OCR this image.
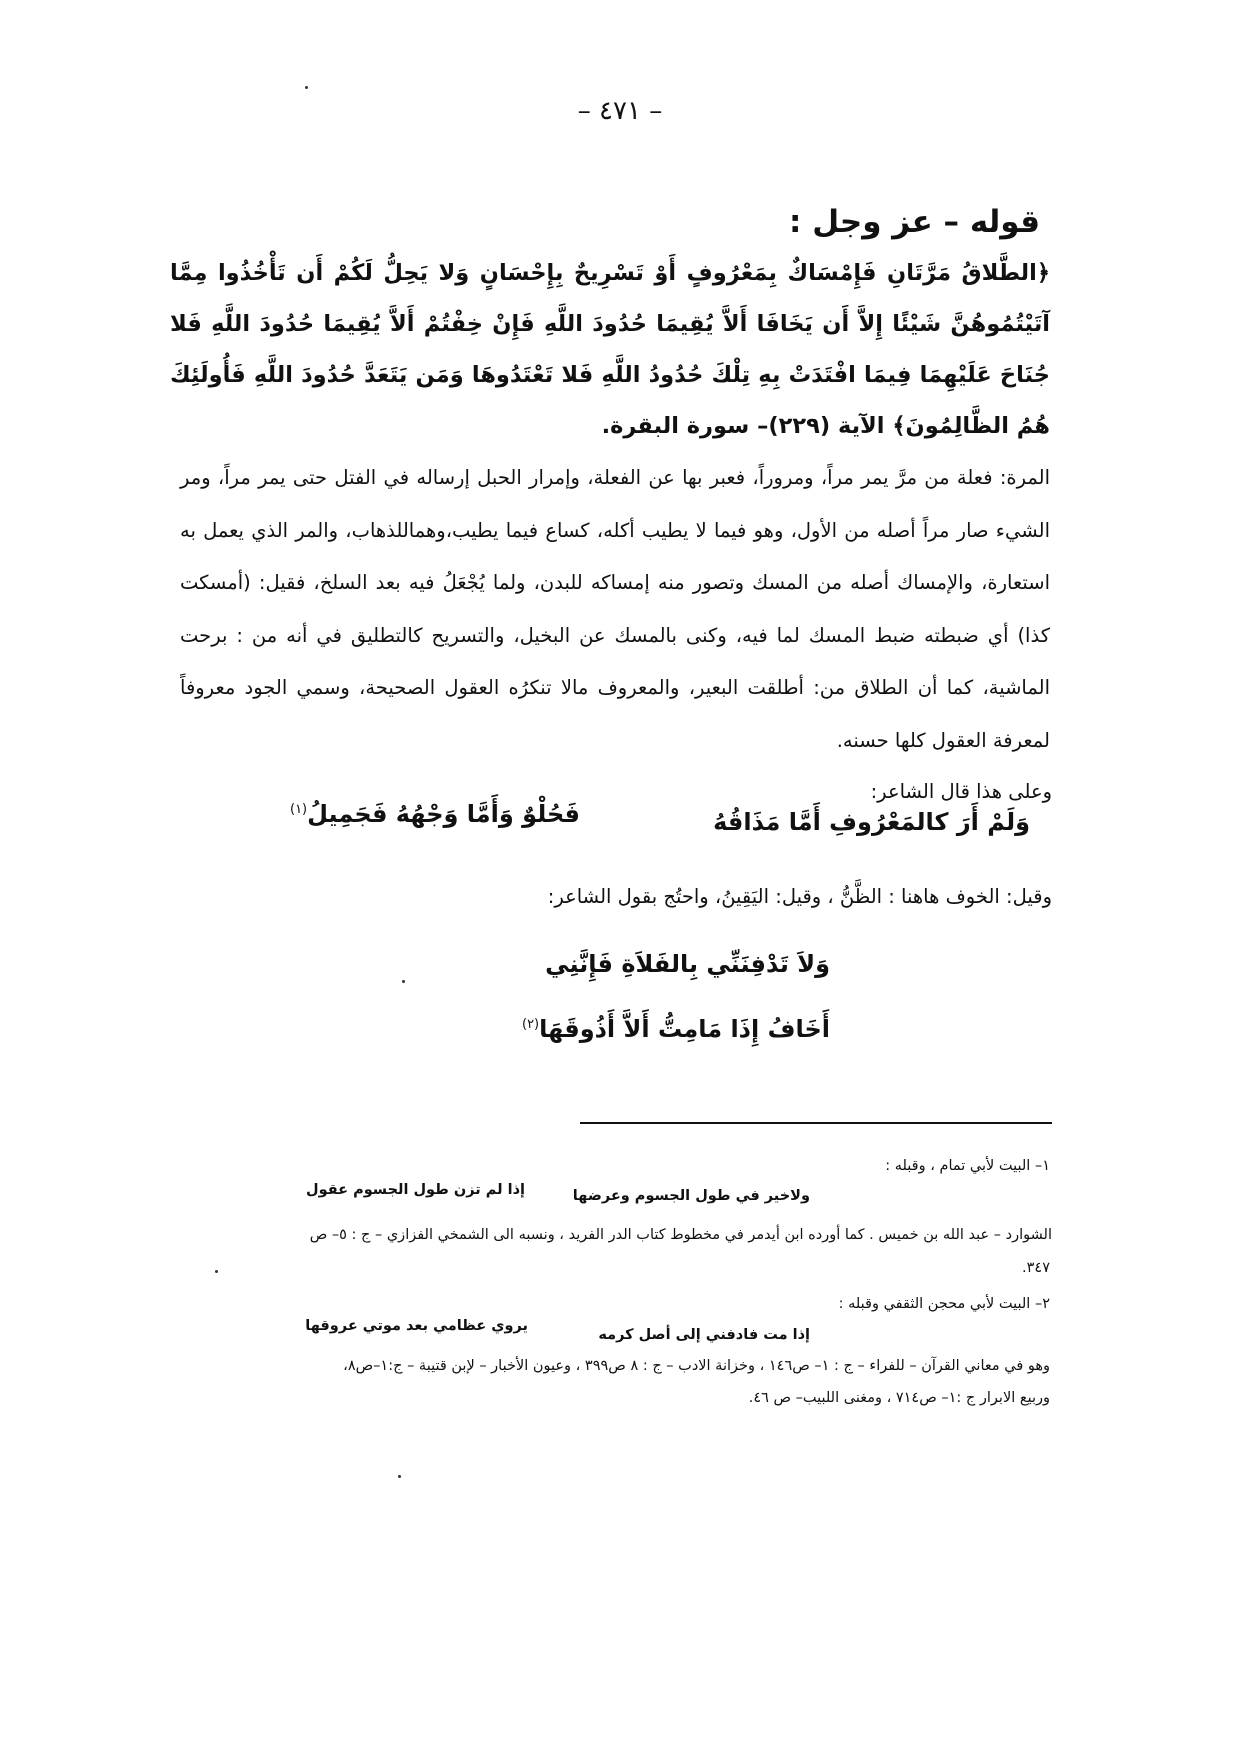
– ٤٧١ –
قوله – عز وجل :
﴿الطَّلاقُ مَرَّتَانِ فَإِمْسَاكٌ بِمَعْرُوفٍ أَوْ تَسْرِيحٌ بِإِحْسَانٍ وَلا يَحِلُّ لَكُمْ أَن تَأْخُذُوا مِمَّا آتَيْتُمُوهُنَّ شَيْئًا إِلاَّ أَن يَخَافَا أَلاَّ يُقِيمَا حُدُودَ اللَّهِ فَإِنْ خِفْتُمْ أَلاَّ يُقِيمَا حُدُودَ اللَّهِ فَلا جُنَاحَ عَلَيْهِمَا فِيمَا افْتَدَتْ بِهِ تِلْكَ حُدُودُ اللَّهِ فَلا تَعْتَدُوهَا وَمَن يَتَعَدَّ حُدُودَ اللَّهِ فَأُولَئِكَ هُمُ الظَّالِمُونَ﴾ الآية (٢٢٩)– سورة البقرة.
المرة: فعلة من مرَّ يمر مراً، ومروراً، فعبر بها عن الفعلة، وإمرار الحبل إرساله في الفتل حتى يمر مراً، ومر الشيء صار مراً أصله من الأول، وهو فيما لا يطيب أكله، كساع فيما يطيب،وهماللذهاب، والمر الذي يعمل به استعارة، والإمساك أصله من المسك وتصور منه إمساكه للبدن، ولما يُجْعَلُ فيه بعد السلخ، فقيل: (أمسكت كذا) أي ضبطته ضبط المسك لما فيه، وكنى بالمسك عن البخيل، والتسريح كالتطليق في أنه من : برحت الماشية، كما أن الطلاق من: أطلقت البعير، والمعروف مالا تنكرُه العقول الصحيحة، وسمي الجود معروفاً لمعرفة العقول كلها حسنه.
وعلى هذا قال الشاعر:
وَلَمْ أَرَ كالمَعْرُوفِ أَمَّا مَذَاقُهُ
فَحُلْوٌ وَأَمَّا وَجْهُهُ فَجَمِيلُ$^{(١)}$
وقيل: الخوف هاهنا : الظَّنُّ ، وقيل: اليَقِينُ، واحتُج بقول الشاعر:
وَلاَ تَدْفِنَنِّي بِالفَلاَةِ فَإِنَّنِي
أَخَافُ إِذَا مَامِتُّ أَلاَّ أَذُوقَهَا$^{(٢)}$
١– البيت لأبي تمام ، وقبله :
ولاخير في طول الجسوم وعرضها
إذا لم تزن طول الجسوم عقول
الشوارد – عبد الله بن خميس . كما أورده ابن أيدمر في مخطوط كتاب الدر الفريد ، ونسبه الى الشمخي الفزازي – ج : ٥– ص
٣٤٧.
٢– البيت لأبي محجن الثقفي وقبله :
إذا مت فادفني إلى أصل كرمه
يروي عظامي بعد موتي عروقها
وهو في معاني القرآن – للفراء – ج : ١– ص١٤٦ ، وخزانة الادب – ج : ٨ ص٣٩٩ ، وعيون الأخبار – لإبن قتيبة – ج:١–ص٨،
وربيع الابرار ج :١– ص٧١٤ ، ومغنى اللبيب– ص ٤٦.
